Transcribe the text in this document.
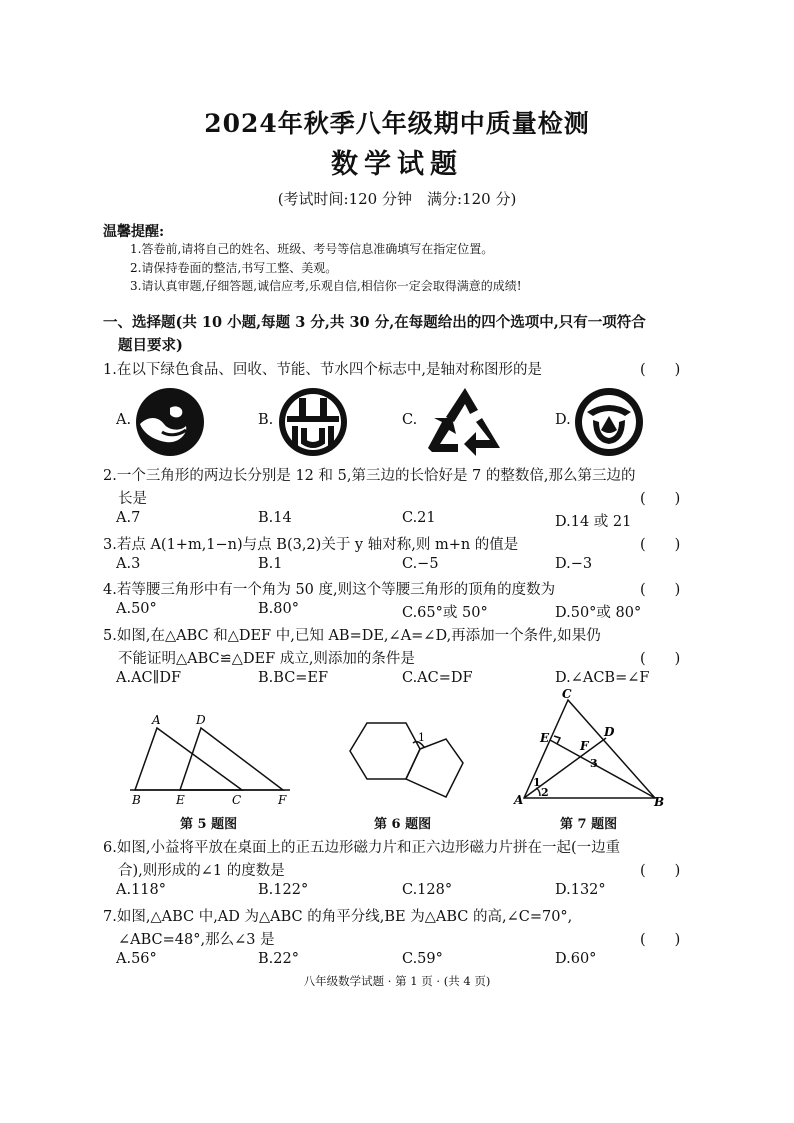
2024年秋季八年级期中质量检测
数学试题
(考试时间:120 分钟　满分:120 分)
温馨提醒:
1.答卷前,请将自己的姓名、班级、考号等信息准确填写在指定位置。
2.请保持卷面的整洁,书写工整、美观。
3.请认真审题,仔细答题,诚信应考,乐观自信,相信你一定会取得满意的成绩!
一、选择题(共 10 小题,每题 3 分,共 30 分,在每题给出的四个选项中,只有一项符合
题目要求)
1.在以下绿色食品、回收、节能、节水四个标志中,是轴对称图形的是	(　　)
A.	B.	C.	D.
2.一个三角形的两边长分别是 12 和 5,第三边的长恰好是 7 的整数倍,那么第三边的
长是	(　　)
A.7	B.14	C.21	D.14 或 21
3.若点 A(1+m,1−n)与点 B(3,2)关于 y 轴对称,则 m+n 的值是	(　　)
A.3	B.1	C.−5	D.−3
4.若等腰三角形中有一个角为 50 度,则这个等腰三角形的顶角的度数为	(　　)
A.50°	B.80°	C.65°或 50°	D.50°或 80°
5.如图,在△ABC 和△DEF 中,已知 AB=DE,∠A=∠D,再添加一个条件,如果仍
不能证明△ABC≌△DEF 成立,则添加的条件是	(　　)
A.AC∥DF	B.BC=EF	C.AC=DF	D.∠ACB=∠F
A	D
B	E	C	F
第 5 题图
1
第 6 题图
C
E	D
F
3
1
2
A	B
第 7 题图
6.如图,小益将平放在桌面上的正五边形磁力片和正六边形磁力片拼在一起(一边重
合),则形成的∠1 的度数是	(　　)
A.118°	B.122°	C.128°	D.132°
7.如图,△ABC 中,AD 为△ABC 的角平分线,BE 为△ABC 的高,∠C=70°,
∠ABC=48°,那么∠3 是	(　　)
A.56°	B.22°	C.59°	D.60°
八年级数学试题 · 第 1 页 · (共 4 页)
